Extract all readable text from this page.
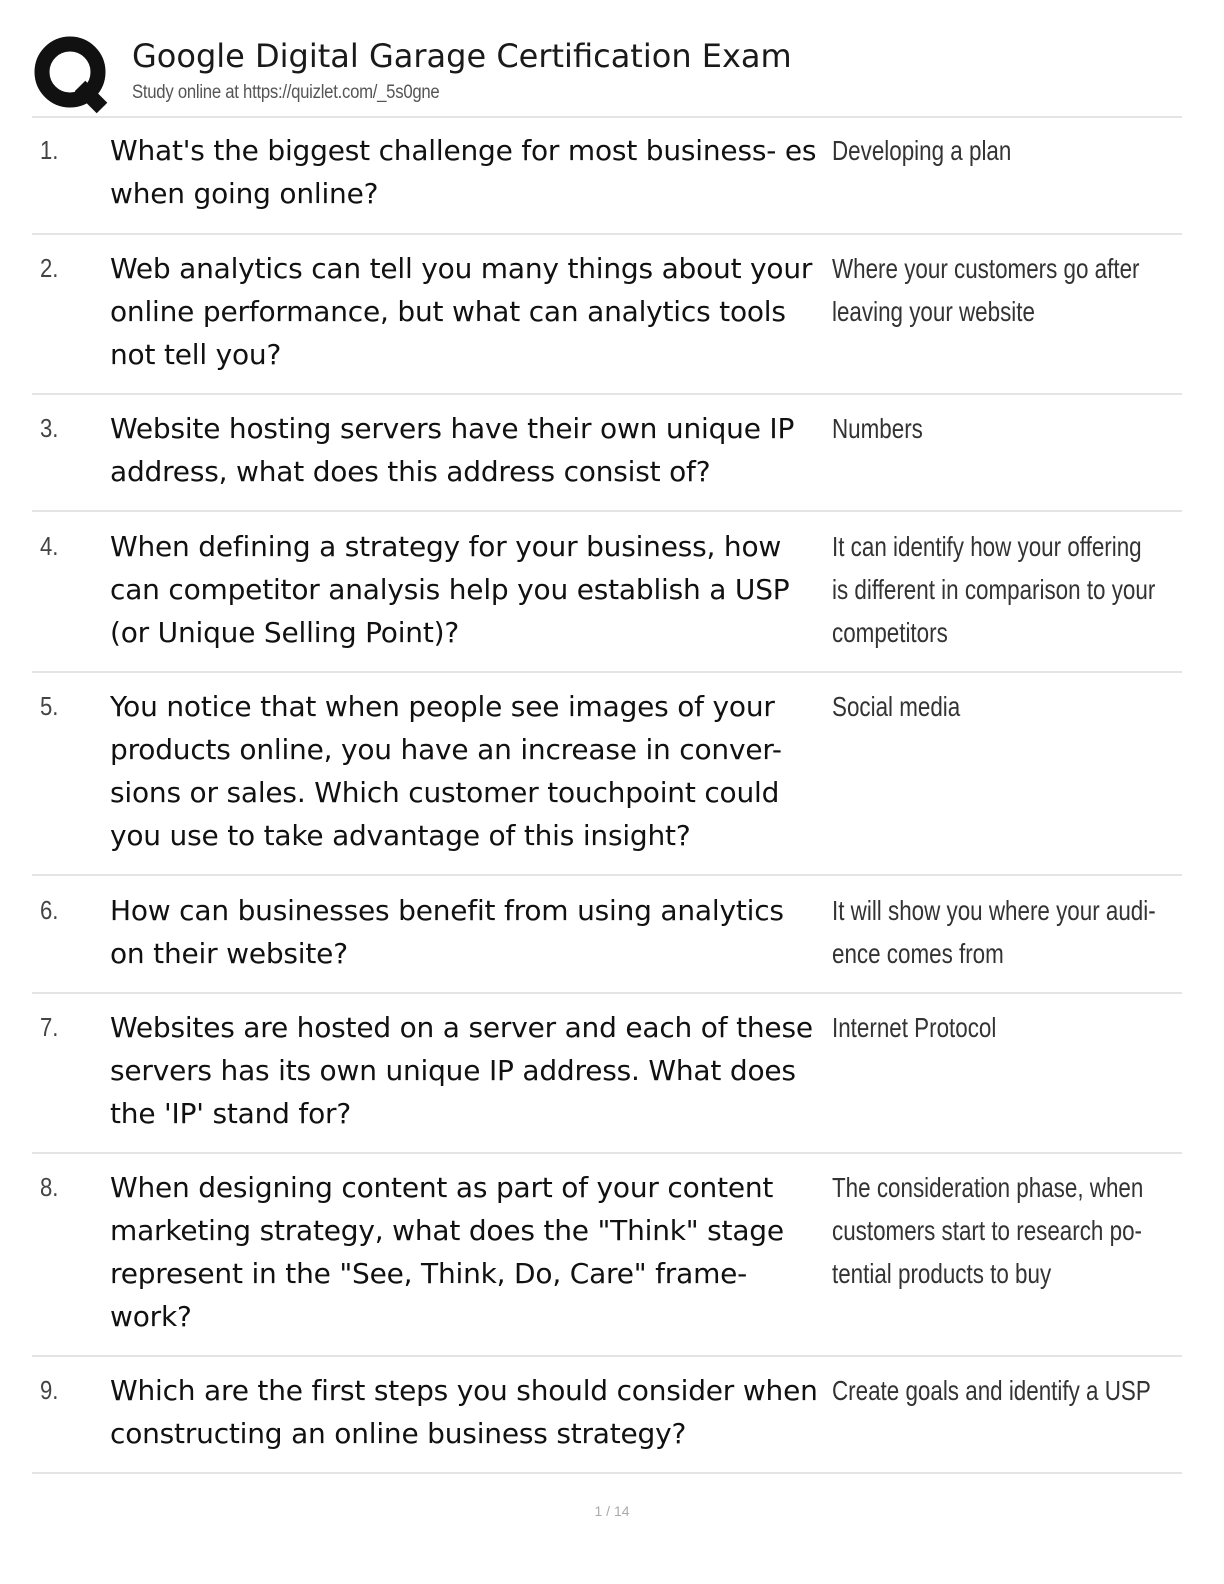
Google Digital Garage Certification Exam
Study online at https://quizlet.com/_5s0gne
1. What's the biggest challenge for most business- es when going online?
Developing a plan
2. Web analytics can tell you many things about your online performance, but what can analytics tools not tell you?
Where your customers go after leaving your website
3. Website hosting servers have their own unique IP address, what does this address consist of?
Numbers
4. When defining a strategy for your business, how can competitor analysis help you establish a USP (or Unique Selling Point)?
It can identify how your offering is different in comparison to your competitors
5. You notice that when people see images of your products online, you have an increase in conver- sions or sales. Which customer touchpoint could you use to take advantage of this insight?
Social media
6. How can businesses benefit from using analytics on their website?
It will show you where your audi- ence comes from
7. Websites are hosted on a server and each of these servers has its own unique IP address. What does the 'IP' stand for?
Internet Protocol
8. When designing content as part of your content marketing strategy, what does the "Think" stage represent in the "See, Think, Do, Care" frame- work?
The consideration phase, when customers start to research po- tential products to buy
9. Which are the first steps you should consider when constructing an online business strategy?
Create goals and identify a USP
1 / 14
